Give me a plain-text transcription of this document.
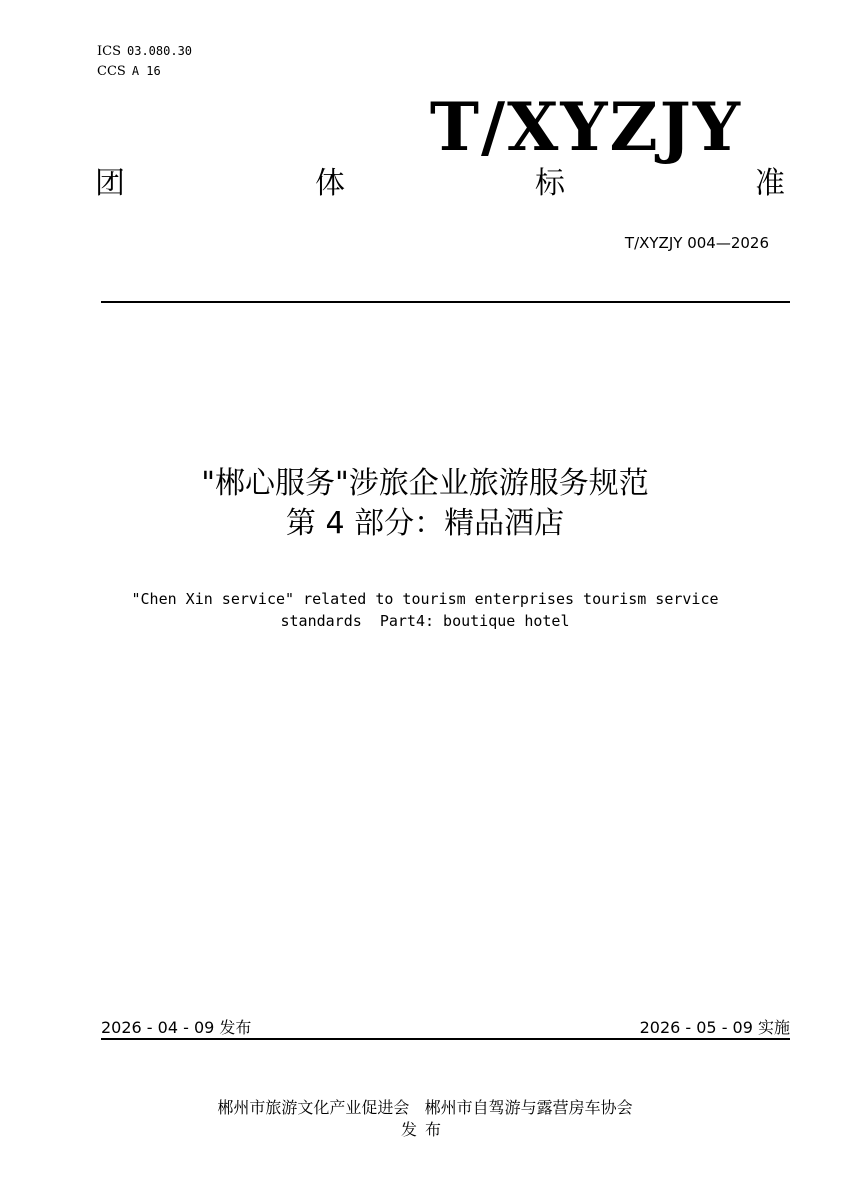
ICS 03.080.30
CCS A 16
T/XYZJY
团	体	标	准
T/XYZJY 004—2026
"郴心服务"涉旅企业旅游服务规范
第 4 部分：精品酒店
"Chen Xin service" related to tourism enterprises tourism service
standards  Part4: boutique hotel
2026 - 04 - 09 发布	2026 - 05 - 09 实施
郴州市旅游文化产业促进会   郴州市自驾游与露营房车协会
发布
